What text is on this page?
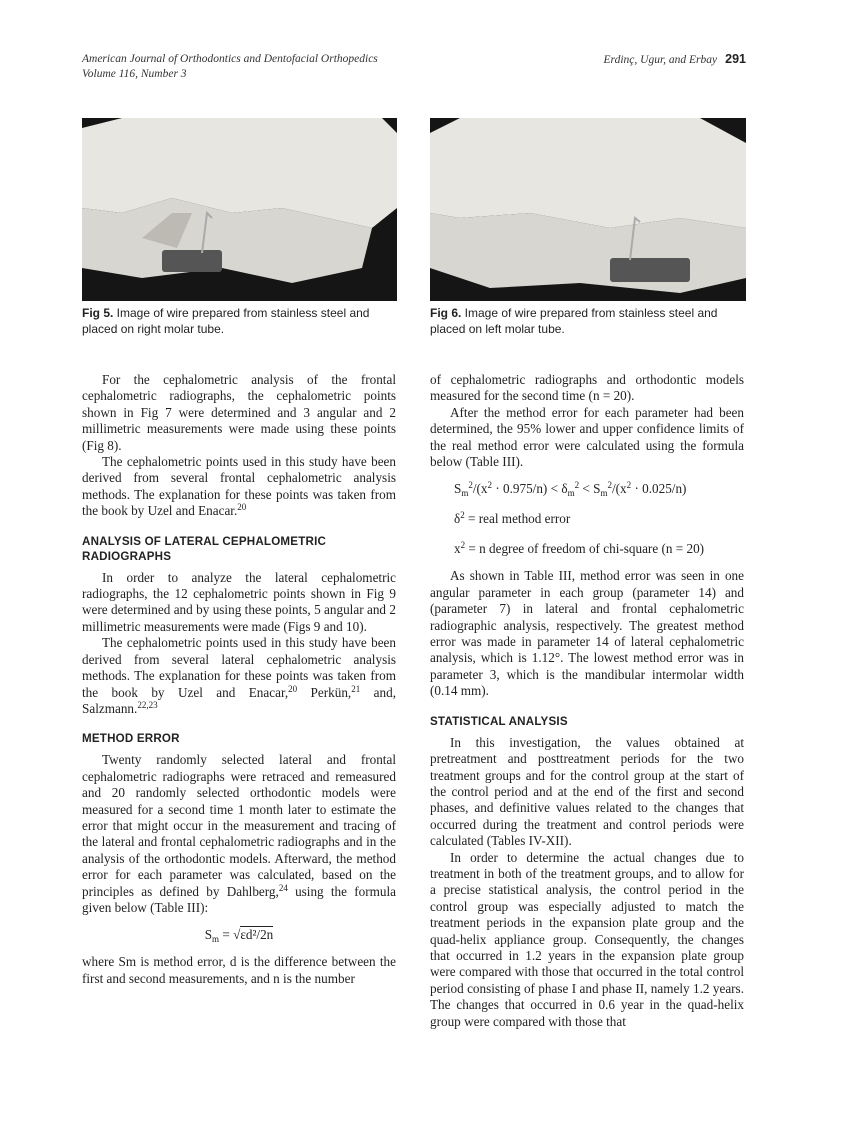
American Journal of Orthodontics and Dentofacial Orthopedics
Volume 116, Number 3
Erdinç, Ugur, and Erbay 291
Fig 5. Image of wire prepared from stainless steel and placed on right molar tube.
Fig 6. Image of wire prepared from stainless steel and placed on left molar tube.

For the cephalometric analysis of the frontal cephalometric radiographs, the cephalometric points shown in Fig 7 were determined and 3 angular and 2 millimetric measurements were made using these points (Fig 8).

The cephalometric points used in this study have been derived from several frontal cephalometric analysis methods. The explanation for these points was taken from the book by Uzel and Enacar.$^{20}$

ANALYSIS OF LATERAL CEPHALOMETRIC RADIOGRAPHS

In order to analyze the lateral cephalometric radiographs, the 12 cephalometric points shown in Fig 9 were determined and by using these points, 5 angular and 2 millimetric measurements were made (Figs 9 and 10).

The cephalometric points used in this study have been derived from several lateral cephalometric analysis methods. The explanation for these points was taken from the book by Uzel and Enacar,$^{20}$ Perkün,$^{21}$ and, Salzmann.$^{22,23}$

METHOD ERROR

Twenty randomly selected lateral and frontal cephalometric radiographs were retraced and remeasured and 20 randomly selected orthodontic models were measured for a second time 1 month later to estimate the error that might occur in the measurement and tracing of the lateral and frontal cephalometric radiographs and in the analysis of the orthodontic models. Afterward, the method error for each parameter was calculated, based on the principles as defined by Dahlberg,$^{24}$ using the formula given below (Table III):

$S_m = √\varepsilon d^2/2n$

where Sm is method error, d is the difference between the first and second measurements, and n is the number

of cephalometric radiographs and orthodontic models measured for the second time (n = 20).

After the method error for each parameter had been determined, the 95% lower and upper confidence limits of the real method error were calculated using the formula below (Table III).

$S_m^2/(x^2 \cdot 0.975/n) < \delta_m^2 < S_m^2/(x^2 \cdot 0.025/n)$
$\delta^2$ = real method error
$x^2 = n$ degree of freedom of chi-square (n = 20)

As shown in Table III, method error was seen in one angular parameter in each group (parameter 14) and (parameter 7) in lateral and frontal cephalometric radiographic analysis, respectively. The greatest method error was made in parameter 14 of lateral cephalometric analysis, which is 1.12°. The lowest method error was in parameter 3, which is the mandibular intermolar width (0.14 mm).

STATISTICAL ANALYSIS

In this investigation, the values obtained at pretreatment and posttreatment periods for the two treatment groups and for the control group at the start of the control period and at the end of the first and second phases, and definitive values related to the changes that occurred during the treatment and control periods were calculated (Tables IV-XII).

In order to determine the actual changes due to treatment in both of the treatment groups, and to allow for a precise statistical analysis, the control period in the control group was especially adjusted to match the treatment periods in the expansion plate group and the quad-helix appliance group. Consequently, the changes that occurred in 1.2 years in the expansion plate group were compared with those that occurred in the total control period consisting of phase I and phase II, namely 1.2 years. The changes that occurred in 0.6 year in the quad-helix group were compared with those that
